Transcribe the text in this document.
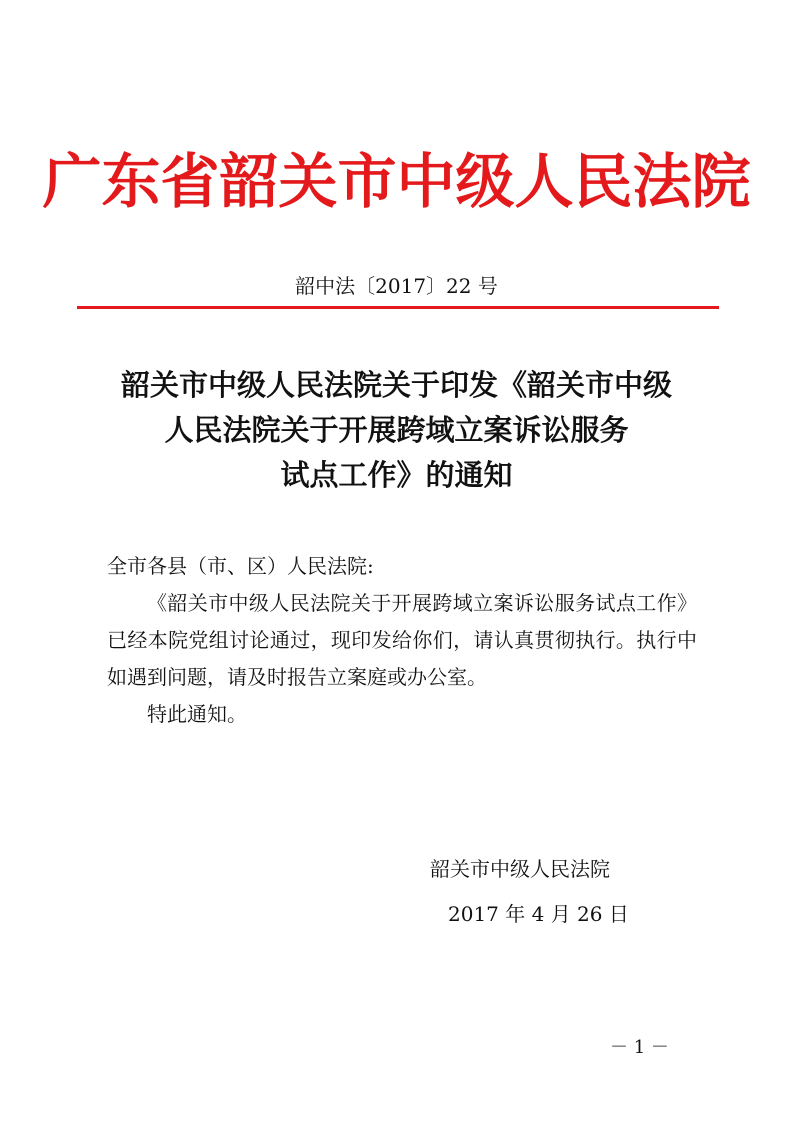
广东省韶关市中级人民法院
韶中法〔2017〕22 号
韶关市中级人民法院关于印发《韶关市中级
人民法院关于开展跨域立案诉讼服务
试点工作》的通知

全市各县（市、区）人民法院:

《韶关市中级人民法院关于开展跨域立案诉讼服务试点工作》已经本院党组讨论通过，现印发给你们，请认真贯彻执行。执行中如遇到问题，请及时报告立案庭或办公室。

特此通知。

韶关市中级人民法院
2017 年 4 月 26 日
－ 1 －
